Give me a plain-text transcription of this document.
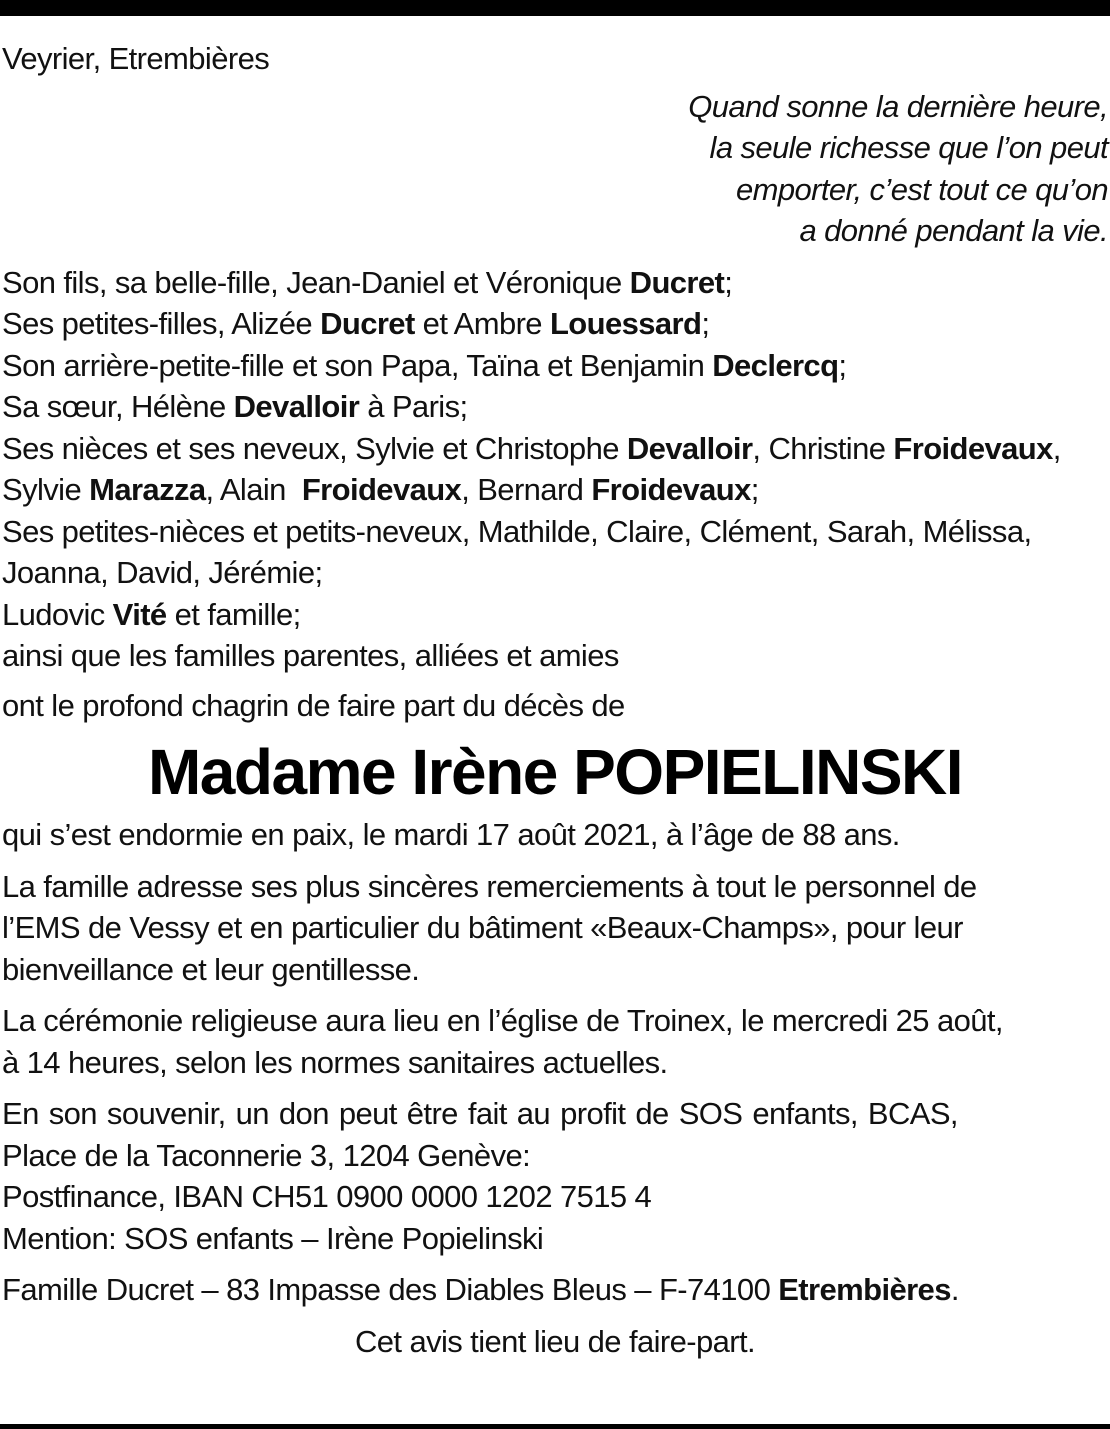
Veyrier, Etrembières
Quand sonne la dernière heure,
la seule richesse que l’on peut
emporter, c’est tout ce qu’on
a donné pendant la vie.
Son fils, sa belle-fille, Jean-Daniel et Véronique Ducret;
Ses petites-filles, Alizée Ducret et Ambre Louessard;
Son arrière-petite-fille et son Papa, Taïna et Benjamin Declercq;
Sa sœur, Hélène Devalloir à Paris;
Ses nièces et ses neveux, Sylvie et Christophe Devalloir, Christine Froidevaux,
Sylvie Marazza, Alain  Froidevaux, Bernard Froidevaux;
Ses petites-nièces et petits-neveux, Mathilde, Claire, Clément, Sarah, Mélissa,
Joanna, David, Jérémie;
Ludovic Vité et famille;
ainsi que les familles parentes, alliées et amies
ont le profond chagrin de faire part du décès de
Madame Irène POPIELINSKI
qui s’est endormie en paix, le mardi 17 août 2021, à l’âge de 88 ans.
La famille adresse ses plus sincères remerciements à tout le personnel de
l’EMS de Vessy et en particulier du bâtiment «Beaux-Champs», pour leur
bienveillance et leur gentillesse.
La cérémonie religieuse aura lieu en l’église de Troinex, le mercredi 25 août,
à 14 heures, selon les normes sanitaires actuelles.
En son souvenir, un don peut être fait au profit de SOS enfants, BCAS,
Place de la Taconnerie 3, 1204 Genève:
Postfinance, IBAN CH51 0900 0000 1202 7515 4
Mention: SOS enfants – Irène Popielinski
Famille Ducret – 83 Impasse des Diables Bleus – F-74100 Etrembières.
Cet avis tient lieu de faire-part.
